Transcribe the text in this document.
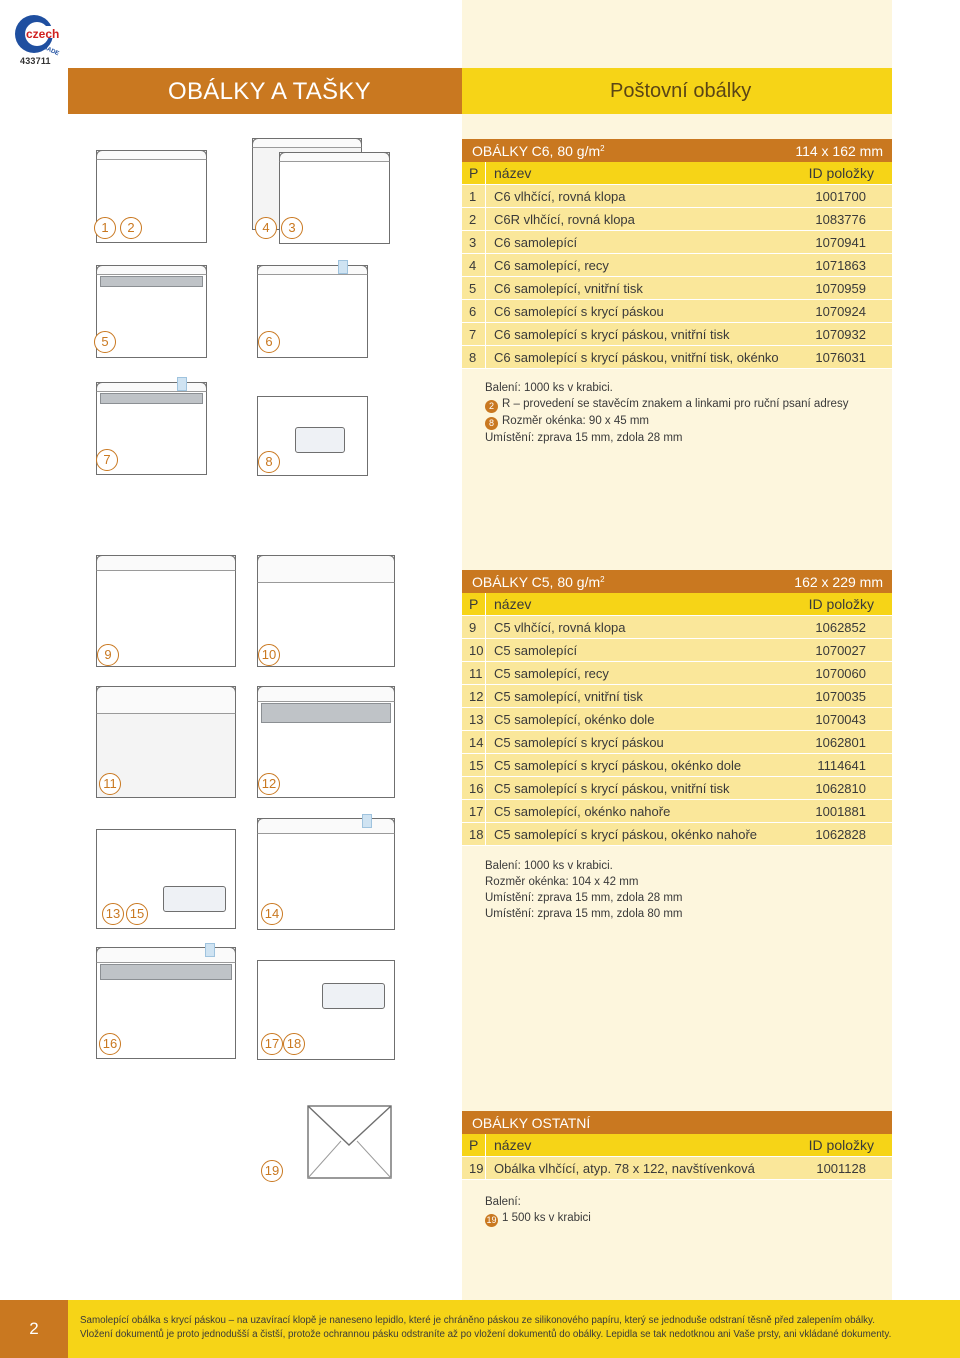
czech
MADE
433711
OBÁLKY A TAŠKY	Poštovní obálky
1	2	4	3
5	6
7	8
9	10
11	12
13 15	14
16	17 18
19
OBÁLKY C6, 80 $g/m^2$	114 x 162 mm
P	název	ID položky
1	C6 vlhčící, rovná klopa	1001700
2	C6R vlhčící, rovná klopa	1083776
3	C6 samolepící	1070941
4	C6 samolepící, recy	1071863
5	C6 samolepící, vnitřní tisk	1070959
6	C6 samolepící s krycí páskou	1070924
7	C6 samolepící s krycí páskou, vnitřní tisk	1070932
8	C6 samolepící s krycí páskou, vnitřní tisk, okénko	1076031
Balení: 1000 ks v krabici.
2 R – provedení se stavěcím znakem a linkami pro ruční psaní adresy
8 Rozměr okénka: 90 x 45 mm
Umístění: zprava 15 mm, zdola 28 mm
OBÁLKY C5, 80 $g/m^2$	162 x 229 mm
P	název	ID položky
9	C5 vlhčící, rovná klopa	1062852
10 C5 samolepící	1070027
11 C5 samolepící, recy	1070060
12 C5 samolepící, vnitřní tisk	1070035
13 C5 samolepící, okénko dole	1070043
14 C5 samolepící s krycí páskou	1062801
15 C5 samolepící s krycí páskou, okénko dole	1114641
16 C5 samolepící s krycí páskou, vnitřní tisk	1062810
17 C5 samolepící, okénko nahoře	1001881
18 C5 samolepící s krycí páskou, okénko nahoře	1062828
Balení: 1000 ks v krabici.
Rozměr okénka: 104 x 42 mm
Umístění: zprava 15 mm, zdola 28 mm
Umístění: zprava 15 mm, zdola 80 mm
OBÁLKY OSTATNÍ
P	název	ID položky
19 Obálka vlhčící, atyp. 78 x 122, navštívenková	1001128
Balení:
19 1 500 ks v krabici
2	Samolepící obálka s krycí páskou – na uzavírací klopě je naneseno lepidlo, které je chráněno páskou ze silikonového papíru, který se jednoduše odstraní těsně před zalepením obálky.
Vložení dokumentů je proto jednodušší a čistší, protože ochrannou pásku odstraníte až po vložení dokumentů do obálky. Lepidla se tak nedotknou ani Vaše prsty, ani vkládané dokumenty.
